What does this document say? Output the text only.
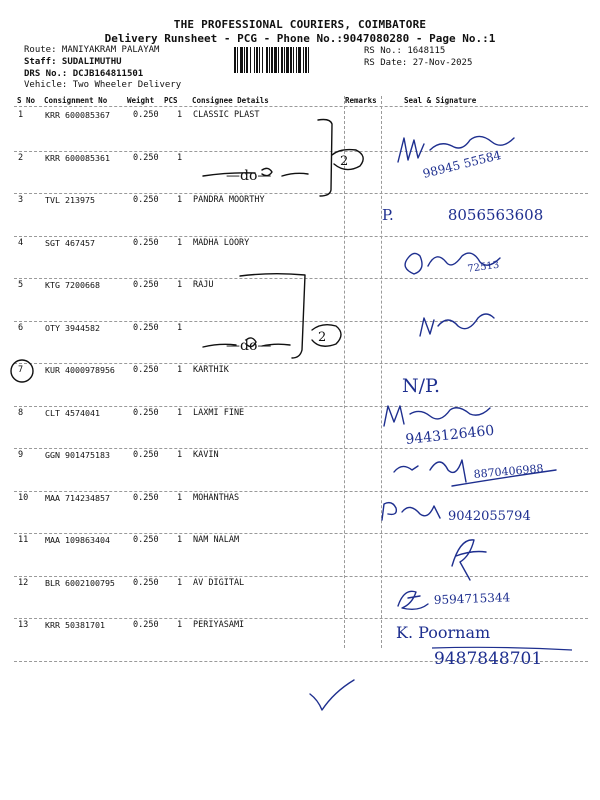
THE PROFESSIONAL COURIERS, COIMBATORE
Delivery Runsheet - PCG - Phone No.:9047080280 - Page No.:1
Route: MANIYAKRAM PALAYAM
Staff: SUDALIMUTHU
DRS No.: DCJB164811501
Vehicle: Two Wheeler Delivery
RS No.: 1648115
RS Date: 27-Nov-2025
S No Consignment No	Weight PCS Consignee Details	Remarks	Seal & Signature
1	KRR 600085367	0.250 1 CLASSIC PLAST
2	KRR 600085361	0.250 1
3	TVL 213975	0.250 1 PANDRA MOORTHY
4	SGT 467457	0.250 1 MADHA LOORY
5	KTG 7200668	0.250 1 RAJU
6	OTY 3944582	0.250 1
7	KUR 4000978956 0.250 1 KARTHIK
8	CLT 4574041	0.250 1 LAXMI FINE
9	GGN 901475183	0.250 1 KAVIN
10 MAA 714234857	0.250 1 MOHANTHAS
11 MAA 109863404	0.250 1 NAM NALAM
12 BLR 6002100795 0.250 1 AV DIGITAL
13 KRR 50381701	0.250 1 PERIYASAMI
—do—
—do—
2
2
98945 55584
P.	8056563608
72513
N/P.
9443126460
8870406988
9042055794
9594715344
K. Poornam
9487848701
